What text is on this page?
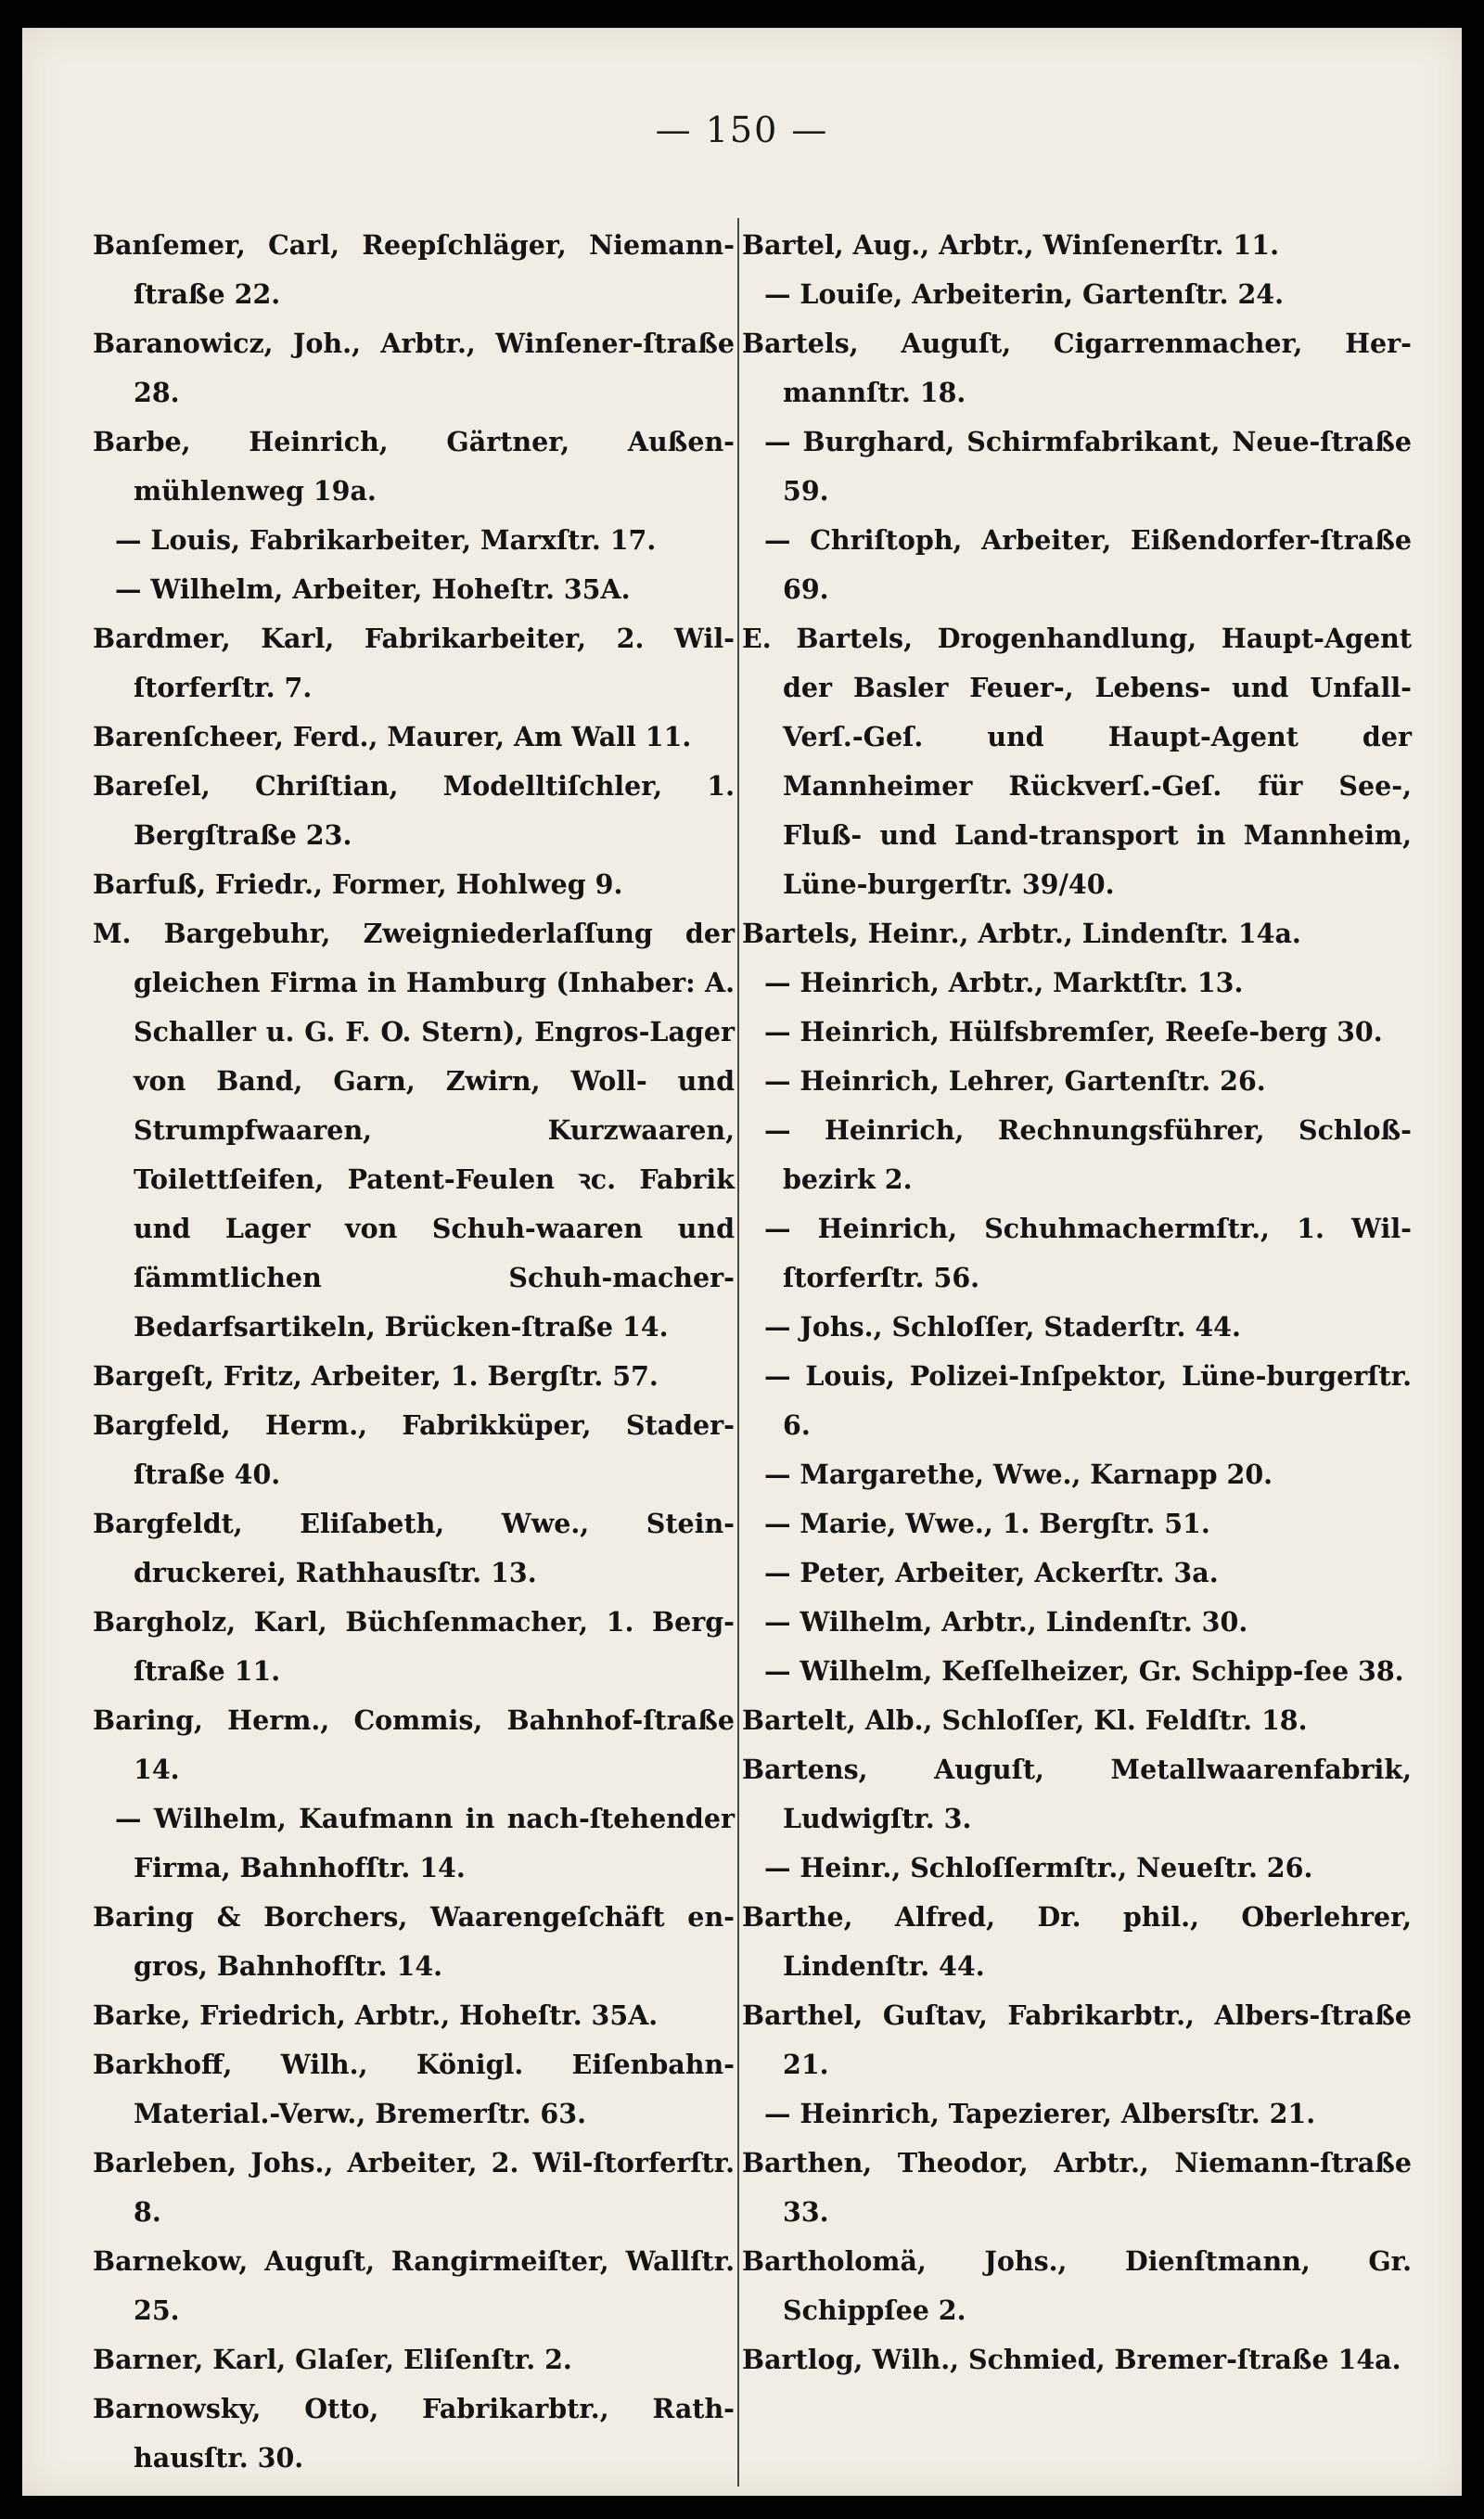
— 150 —

Banſemer, Carl, Reepſchläger, Niemann-ſtraße 22.

Baranowicz, Joh., Arbtr., Winſener-ſtraße 28.

Barbe, Heinrich, Gärtner, Außen-mühlenweg 19a.

— Louis, Fabrikarbeiter, Marxſtr. 17.

— Wilhelm, Arbeiter, Hoheſtr. 35A.

Bardmer, Karl, Fabrikarbeiter, 2. Wil-ſtorferſtr. 7.

Barenſcheer, Ferd., Maurer, Am Wall 11.

Bareſel, Chriſtian, Modelltiſchler, 1. Bergſtraße 23.

Barfuß, Friedr., Former, Hohlweg 9.

M. Bargebuhr, Zweigniederlaſſung der gleichen Firma in Hamburg (Inhaber: A. Schaller u. G. F. O. Stern), Engros-Lager von Band, Garn, Zwirn, Woll- und Strumpfwaaren, Kurzwaaren, Toilettſeifen, Patent-Feulen ꝛc. Fabrik und Lager von Schuh-waaren und ſämmtlichen Schuh-macher-Bedarfsartikeln, Brücken-ſtraße 14.

Bargeſt, Fritz, Arbeiter, 1. Bergſtr. 57.

Bargfeld, Herm., Fabrikküper, Stader-ſtraße 40.

Bargfeldt, Eliſabeth, Wwe., Stein-druckerei, Rathhausſtr. 13.

Bargholz, Karl, Büchſenmacher, 1. Berg-ſtraße 11.

Baring, Herm., Commis, Bahnhof-ſtraße 14.

— Wilhelm, Kaufmann in nach-ſtehender Firma, Bahnhofſtr. 14.

Baring & Borchers, Waarengeſchäft en-gros, Bahnhofſtr. 14.

Barke, Friedrich, Arbtr., Hoheſtr. 35A.

Barkhoff, Wilh., Königl. Eiſenbahn-Material.-Verw., Bremerſtr. 63.

Barleben, Johs., Arbeiter, 2. Wil-ſtorferſtr. 8.

Barnekow, Auguſt, Rangirmeiſter, Wallſtr. 25.

Barner, Karl, Glaſer, Eliſenſtr. 2.

Barnowsky, Otto, Fabrikarbtr., Rath-hausſtr. 30.

Bartel, Aug., Arbtr., Winſenerſtr. 11.

— Louiſe, Arbeiterin, Gartenſtr. 24.

Bartels, Auguſt, Cigarrenmacher, Her-mannſtr. 18.

— Burghard, Schirmfabrikant, Neue-ſtraße 59.

— Chriſtoph, Arbeiter, Eißendorfer-ſtraße 69.

E. Bartels, Drogenhandlung, Haupt-Agent der Basler Feuer-, Lebens- und Unfall-Verſ.-Geſ. und Haupt-Agent der Mannheimer Rückverſ.-Geſ. für See-, Fluß- und Land-transport in Mannheim, Lüne-burgerſtr. 39/40.

Bartels, Heinr., Arbtr., Lindenſtr. 14a.

— Heinrich, Arbtr., Marktſtr. 13.

— Heinrich, Hülfsbremſer, Reeſe-berg 30.

— Heinrich, Lehrer, Gartenſtr. 26.

— Heinrich, Rechnungsführer, Schloß-bezirk 2.

— Heinrich, Schuhmachermſtr., 1. Wil-ſtorferſtr. 56.

— Johs., Schloſſer, Staderſtr. 44.

— Louis, Polizei-Inſpektor, Lüne-burgerſtr. 6.

— Margarethe, Wwe., Karnapp 20.

— Marie, Wwe., 1. Bergſtr. 51.

— Peter, Arbeiter, Ackerſtr. 3a.

— Wilhelm, Arbtr., Lindenſtr. 30.

— Wilhelm, Keſſelheizer, Gr. Schipp-ſee 38.

Bartelt, Alb., Schloſſer, Kl. Feldſtr. 18.

Bartens, Auguſt, Metallwaarenfabrik, Ludwigſtr. 3.

— Heinr., Schloſſermſtr., Neueſtr. 26.

Barthe, Alfred, Dr. phil., Oberlehrer, Lindenſtr. 44.

Barthel, Guſtav, Fabrikarbtr., Albers-ſtraße 21.

— Heinrich, Tapezierer, Albersſtr. 21.

Barthen, Theodor, Arbtr., Niemann-ſtraße 33.

Bartholomä, Johs., Dienſtmann, Gr. Schippſee 2.

Bartlog, Wilh., Schmied, Bremer-ſtraße 14a.
